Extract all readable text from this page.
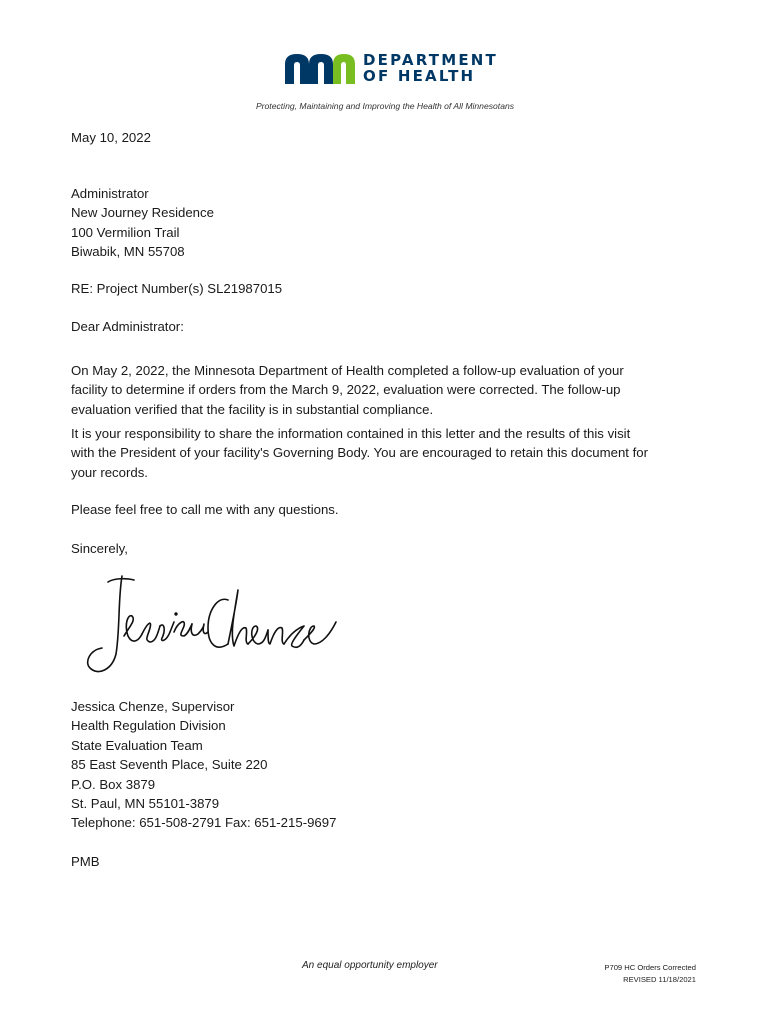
DEPARTMENT
OF HEALTH
Protecting, Maintaining and Improving the Health of All Minnesotans
May 10, 2022
Administrator
New Journey Residence
100 Vermilion Trail
Biwabik, MN 55708
RE: Project Number(s) SL21987015
Dear Administrator:
On May 2, 2022, the Minnesota Department of Health completed a follow-up evaluation of your
facility to determine if orders from the March 9, 2022, evaluation were corrected. The follow-up
evaluation verified that the facility is in substantial compliance.
It is your responsibility to share the information contained in this letter and the results of this visit
with the President of your facility's Governing Body. You are encouraged to retain this document for
your records.
Please feel free to call me with any questions.
Sincerely,
Jessica Chenze, Supervisor
Health Regulation Division
State Evaluation Team
85 East Seventh Place, Suite 220
P.O. Box 3879
St. Paul, MN 55101-3879
Telephone: 651-508-2791 Fax: 651-215-9697
PMB
An equal opportunity employer	P709 HC Orders Corrected
REVISED 11/18/2021
